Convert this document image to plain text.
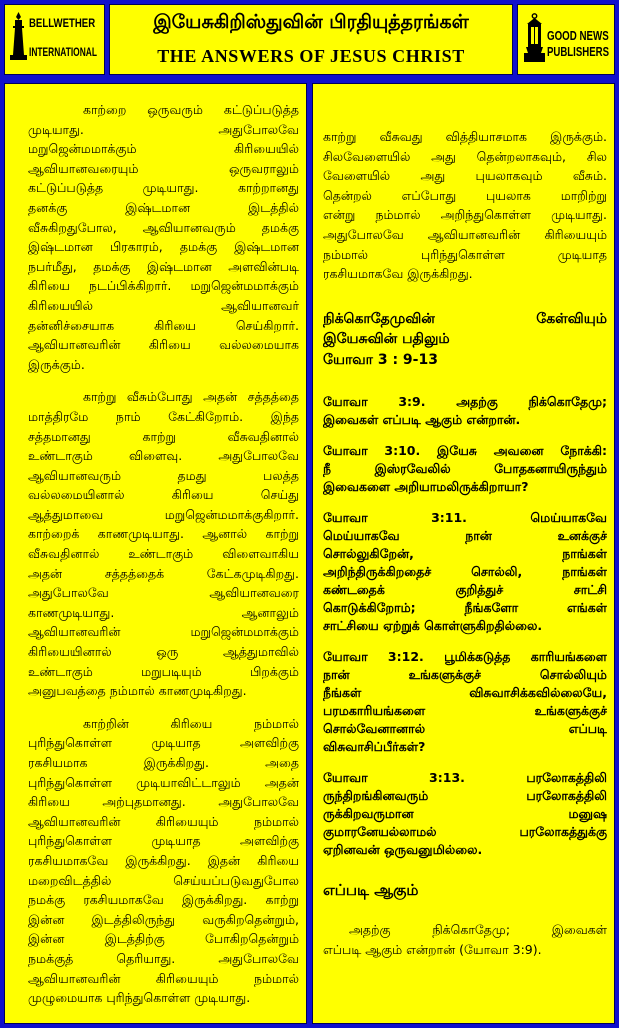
BELLWETHER
INTERNATIONAL
இயேசுகிறிஸ்துவின் பிரதியுத்தரங்கள்
THE ANSWERS OF JESUS CHRIST
GOOD NEWS
PUBLISHERS
காற்றை ஒருவரும் கட்டுப்படுத்த
முடியாது. அதுபோலவே
மறுஜென்மமாக்கும் கிரியையில்
ஆவியானவரையும் ஒருவராலும்
கட்டுப்படுத்த முடியாது. காற்றானது
தனக்கு இஷ்டமான இடத்தில்
வீசுகிறதுபோல, ஆவியானவரும் தமக்கு
இஷ்டமான பிரகாரம், தமக்கு இஷ்டமான
நபர்மீது, தமக்கு இஷ்டமான அளவின்படி
கிரியை நடப்பிக்கிறார். மறுஜென்மமாக்கும்
கிரியையில் ஆவியானவர்
தன்னிச்சையாக கிரியை செய்கிறார்.
ஆவியானவரின் கிரியை வல்லமையாக
இருக்கும்.
காற்று வீசும்போது அதன் சத்தத்தை
மாத்திரமே நாம் கேட்கிறோம். இந்த
சத்தமானது காற்று வீசுவதினால்
உண்டாகும் விளைவு. அதுபோலவே
ஆவியானவரும் தமது பலத்த
வல்லமையினால் கிரியை செய்து
ஆத்துமாவை மறுஜென்மமாக்குகிறார்.
காற்றைக் காணமுடியாது. ஆனால் காற்று
வீசுவதினால் உண்டாகும் விளைவாகிய
அதன் சத்தத்தைக் கேட்கமுடிகிறது.
அதுபோலவே ஆவியானவரை
காணமுடியாது. ஆனாலும்
ஆவியானவரின் மறுஜென்மமாக்கும்
கிரியையினால் ஒரு ஆத்துமாவில்
உண்டாகும் மறுபடியும் பிறக்கும்
அனுபவத்தை நம்மால் காணமுடிகிறது.
காற்றின் கிரியை நம்மால்
புரிந்துகொள்ள முடியாத அளவிற்கு
ரகசியமாக இருக்கிறது. அதை
புரிந்துகொள்ள முடியாவிட்டாலும் அதன்
கிரியை அற்புதமானது. அதுபோலவே
ஆவியானவரின் கிரியையும் நம்மால்
புரிந்துகொள்ள முடியாத அளவிற்கு
ரகசியமாகவே இருக்கிறது. இதன் கிரியை
மறைவிடத்தில் செய்யப்படுவதுபோல
நமக்கு ரகசியமாகவே இருக்கிறது. காற்று
இன்ன இடத்திலிருந்து வருகிறதென்றும்,
இன்ன இடத்திற்கு போகிறதென்றும்
நமக்குத் தெரியாது. அதுபோலவே
ஆவியானவரின் கிரியையும் நம்மால்
முழுமையாக புரிந்துகொள்ள முடியாது.
காற்று வீசுவது வித்தியாசமாக இருக்கும்.
சிலவேளையில் அது தென்றலாகவும், சில
வேளையில் அது புயலாகவும் வீசும்.
தென்றல் எப்போது புயலாக மாறிற்று
என்று நம்மால் அறிந்துகொள்ள முடியாது.
அதுபோலவே ஆவியானவரின் கிரியையும்
நம்மால் புரிந்துகொள்ள முடியாத
ரகசியமாகவே இருக்கிறது.
நிக்கொதேமுவின் கேள்வியும்
இயேசுவின் பதிலும்
யோவா 3 : 9-13
யோவா 3:9. அதற்கு நிக்கொதேமு;
இவைகள் எப்படி ஆகும் என்றான்.
யோவா 3:10. இயேசு அவனை நோக்கி:
நீ இஸ்ரவேலில் போதகனாயிருந்தும்
இவைகளை அறியாமலிருக்கிறாயா?
யோவா 3:11. மெய்யாகவே
மெய்யாகவே நான் உனக்குச்
சொல்லுகிறேன், நாங்கள்
அறிந்திருக்கிறதைச் சொல்லி, நாங்கள்
கண்டதைக் குறித்துச் சாட்சி
கொடுக்கிறோம்; நீங்களோ எங்கள்
சாட்சியை ஏற்றுக் கொள்ளுகிறதில்லை.
யோவா 3:12. பூமிக்கடுத்த காரியங்களை
நான் உங்களுக்குச் சொல்லியும்
நீங்கள் விசுவாசிக்கவில்லையே,
பரமகாரியங்களை உங்களுக்குச்
சொல்வேனானால் எப்படி
விசுவாசிப்பீர்கள்?
யோவா 3:13. பரலோகத்திலி
ருந்திறங்கினவரும் பரலோகத்திலி
ருக்கிறவருமான மனுஷ
குமாரனேயல்லாமல் பரலோகத்துக்கு
ஏறினவன் ஒருவனுமில்லை.
எப்படி ஆகும்
அதற்கு நிக்கொதேமு; இவைகள்
எப்படி ஆகும் என்றான் (யோவா 3:9).
